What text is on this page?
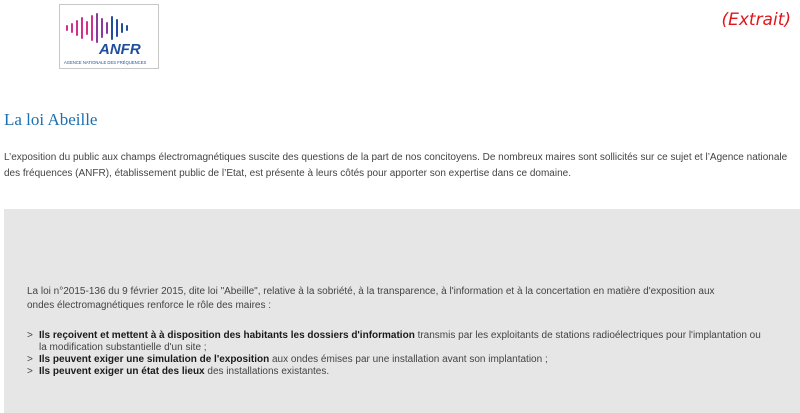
ANFR
AGENCE NATIONALE DES FRÉQUENCES
(Extrait)
La loi Abeille

L’exposition du public aux champs électromagnétiques suscite des questions de la part de nos concitoyens. De nombreux maires sont sollicités sur ce sujet et l’Agence nationale des fréquences (ANFR), établissement public de l’Etat, est présente à leurs côtés pour apporter son expertise dans ce domaine.

La loi n°2015-136 du 9 février 2015, dite loi "Abeille", relative à la sobriété, à la transparence, à l'information et à la concertation en matière d'exposition aux ondes électromagnétiques renforce le rôle des maires :

> Ils reçoivent et mettent à à disposition des habitants les dossiers d'information transmis par les exploitants de stations radioélectriques pour l'implantation ou la modification substantielle d'un site ;
> Ils peuvent exiger une simulation de l'exposition aux ondes émises par une installation avant son implantation ;
> Ils peuvent exiger un état des lieux des installations existantes.
